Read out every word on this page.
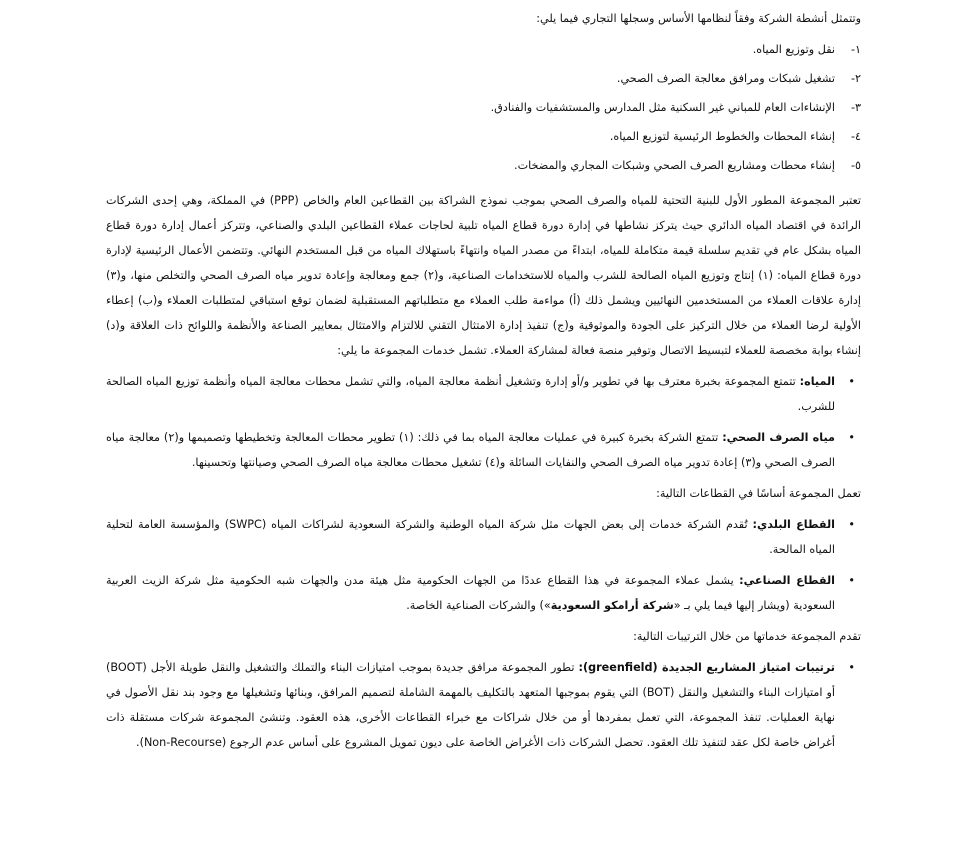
وتتمثل أنشطة الشركة وفقاً لنظامها الأساس وسجلها التجاري فيما يلي:

١-
نقل وتوزيع المياه.
٢-
تشغيل شبكات ومرافق معالجة الصرف الصحي.
٣-
الإنشاءات العام للمباني غير السكنية مثل المدارس والمستشفيات والفنادق.
٤-
إنشاء المحطات والخطوط الرئيسية لتوزيع المياه.
٥-
إنشاء محطات ومشاريع الصرف الصحي وشبكات المجاري والمضخات.

تعتبر المجموعة المطور الأول للبنية التحتية للمياه والصرف الصحي بموجب نموذج الشراكة بين القطاعين العام والخاص (PPP) في المملكة، وهي إحدى الشركات الرائدة في اقتصاد المياه الدائري حيث يتركز نشاطها في إدارة دورة قطاع المياه تلبية لحاجات عملاء القطاعين البلدي والصناعي، وتتركز أعمال إدارة دورة قطاع المياه بشكل عام في تقديم سلسلة قيمة متكاملة للمياه، ابتداءً من مصدر المياه وانتهاءً باستهلاك المياه من قبل المستخدم النهائي. وتتضمن الأعمال الرئيسية لإدارة دورة قطاع المياه: (١) إنتاج وتوزيع المياه الصالحة للشرب والمياه للاستخدامات الصناعية، و(٢) جمع ومعالجة وإعادة تدوير مياه الصرف الصحي والتخلص منها، و(٣) إدارة علاقات العملاء من المستخدمين النهائيين ويشمل ذلك (أ) مواءمة طلب العملاء مع متطلباتهم المستقبلية لضمان توقع استباقي لمتطلبات العملاء و(ب) إعطاء الأولية لرضا العملاء من خلال التركيز على الجودة والموثوقية و(ج) تنفيذ إدارة الامتثال التقني للالتزام والامتثال بمعايير الصناعة والأنظمة واللوائح ذات العلاقة و(د) إنشاء بوابة مخصصة للعملاء لتبسيط الاتصال وتوفير منصة فعالة لمشاركة العملاء. تشمل خدمات المجموعة ما يلي:

•
المياه: تتمتع المجموعة بخبرة معترف بها في تطوير و/أو إدارة وتشغيل أنظمة معالجة المياه، والتي تشمل محطات معالجة المياه وأنظمة توزيع المياه الصالحة للشرب.
•
مياه الصرف الصحي: تتمتع الشركة بخبرة كبيرة في عمليات معالجة المياه بما في ذلك: (١) تطوير محطات المعالجة وتخطيطها وتصميمها و(٢) معالجة مياه الصرف الصحي و(٣) إعادة تدوير مياه الصرف الصحي والنفايات السائلة و(٤) تشغيل محطات معالجة مياه الصرف الصحي وصيانتها وتحسينها.

تعمل المجموعة أساسًا في القطاعات التالية:

•
القطاع البلدي: تُقدم الشركة خدمات إلى بعض الجهات مثل شركة المياه الوطنية والشركة السعودية لشراكات المياه (SWPC) والمؤسسة العامة لتحلية المياه المالحة.
•
القطاع الصناعي: يشمل عملاء المجموعة في هذا القطاع عددًا من الجهات الحكومية مثل هيئة مدن والجهات شبه الحكومية مثل شركة الزيت العربية السعودية (ويشار إليها فيما يلي بـ «شركة أرامكو السعودية») والشركات الصناعية الخاصة.

تقدم المجموعة خدماتها من خلال الترتيبات التالية:

•
ترتيبات امتياز المشاريع الجديدة (greenfield): تطور المجموعة مرافق جديدة بموجب امتيازات البناء والتملك والتشغيل والنقل طويلة الأجل (BOOT) أو امتيازات البناء والتشغيل والنقل (BOT) التي يقوم بموجبها المتعهد بالتكليف بالمهمة الشاملة لتصميم المرافق، وبنائها وتشغيلها مع وجود بند نقل الأصول في نهاية العمليات. تنفذ المجموعة، التي تعمل بمفردها أو من خلال شراكات مع خبراء القطاعات الأخرى، هذه العقود. وتنشئ المجموعة شركات مستقلة ذات أغراض خاصة لكل عقد لتنفيذ تلك العقود. تحصل الشركات ذات الأغراض الخاصة على ديون تمويل المشروع على أساس عدم الرجوع (Non-Recourse).
